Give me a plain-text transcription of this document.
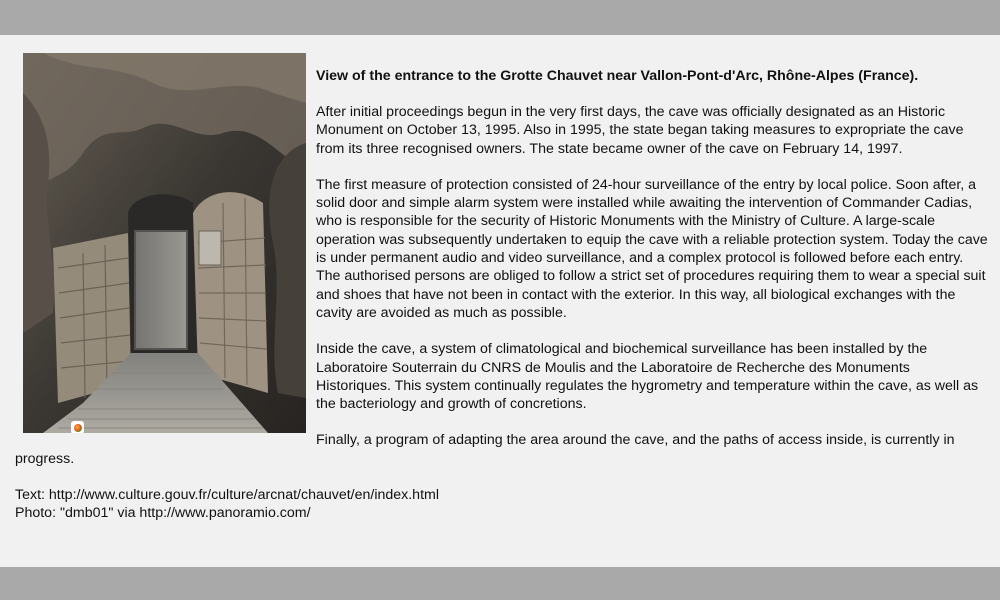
View of the entrance to the Grotte Chauvet near Vallon-Pont-d'Arc, Rhône-Alpes (France).

After initial proceedings begun in the very first days, the cave was officially designated as an Historic Monument on October 13, 1995. Also in 1995, the state began taking measures to expropriate the cave from its three recognised owners. The state became owner of the cave on February 14, 1997.

The first measure of protection consisted of 24-hour surveillance of the entry by local police. Soon after, a solid door and simple alarm system were installed while awaiting the intervention of Commander Cadias, who is responsible for the security of Historic Monuments with the Ministry of Culture. A large-scale operation was subsequently undertaken to equip the cave with a reliable protection system. Today the cave is under permanent audio and video surveillance, and a complex protocol is followed before each entry. The authorised persons are obliged to follow a strict set of procedures requiring them to wear a special suit and shoes that have not been in contact with the exterior. In this way, all biological exchanges with the cavity are avoided as much as possible.

Inside the cave, a system of climatological and biochemical surveillance has been installed by the Laboratoire Souterrain du CNRS de Moulis and the Laboratoire de Recherche des Monuments Historiques. This system continually regulates the hygrometry and temperature within the cave, as well as the bacteriology and growth of concretions.

Finally, a program of adapting the area around the cave, and the paths of access inside, is currently in progress.

Text: http://www.culture.gouv.fr/culture/arcnat/chauvet/en/index.html

Photo: "dmb01" via http://www.panoramio.com/
